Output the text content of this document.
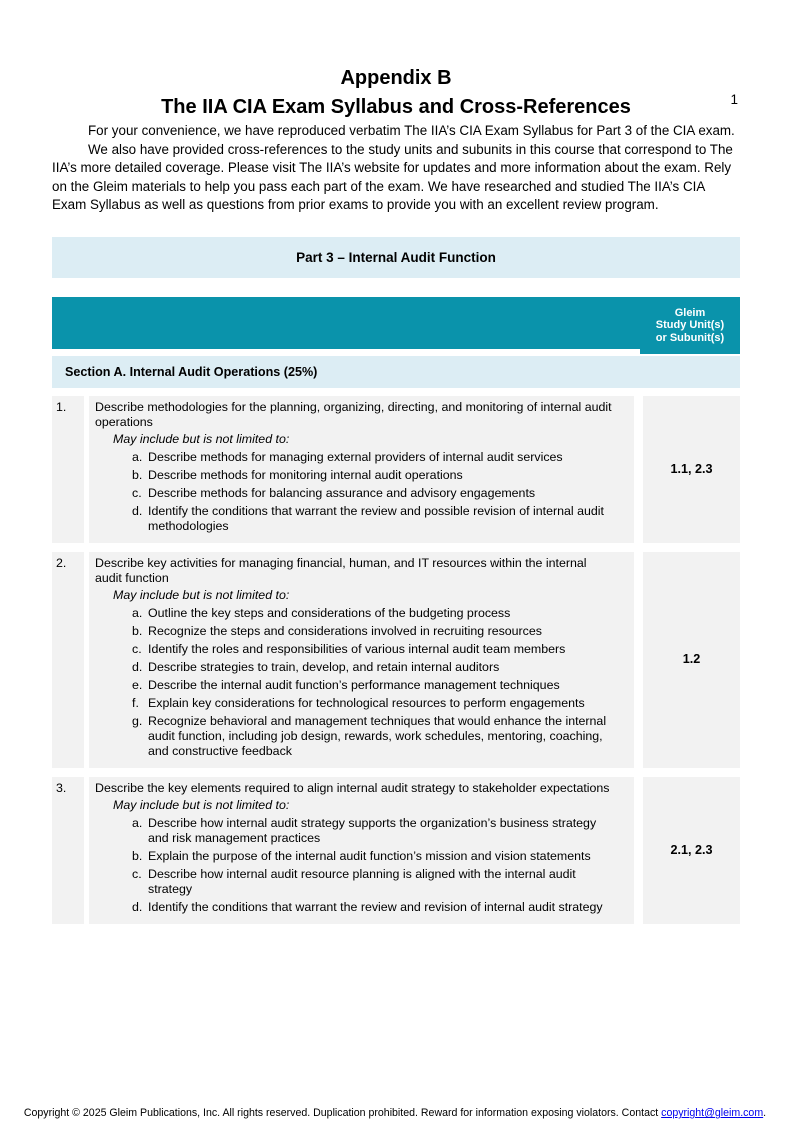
1
Appendix B
The IIA CIA Exam Syllabus and Cross-References

For your convenience, we have reproduced verbatim The IIA’s CIA Exam Syllabus for Part 3 of the CIA exam.

We also have provided cross-references to the study units and subunits in this course that correspond to The IIA’s more detailed coverage. Please visit The IIA’s website for updates and more information about the exam. Rely on the Gleim materials to help you pass each part of the exam. We have researched and studied The IIA’s CIA Exam Syllabus as well as questions from prior exams to provide you with an excellent review program.

Part 3 – Internal Audit Function
Gleim
Study Unit(s)
or Subunit(s)
Section A. Internal Audit Operations (25%)
1.	Describe methodologies for the planning, organizing, directing, and monitoring of internal audit operations
May include but is not limited to:
a. Describe methods for managing external providers of internal audit services
b. Describe methods for monitoring internal audit operations
c. Describe methods for balancing assurance and advisory engagements
d. Identify the conditions that warrant the review and possible revision of internal audit methodologies
1.1, 2.3
2.	Describe key activities for managing financial, human, and IT resources within the internal audit function
May include but is not limited to:
a. Outline the key steps and considerations of the budgeting process
b. Recognize the steps and considerations involved in recruiting resources
c. Identify the roles and responsibilities of various internal audit team members
d. Describe strategies to train, develop, and retain internal auditors
e. Describe the internal audit function’s performance management techniques
f. Explain key considerations for technological resources to perform engagements
g. Recognize behavioral and management techniques that would enhance the internal audit function, including job design, rewards, work schedules, mentoring, coaching, and constructive feedback
1.2
3.	Describe the key elements required to align internal audit strategy to stakeholder expectations
May include but is not limited to:
a. Describe how internal audit strategy supports the organization’s business strategy and risk management practices
b. Explain the purpose of the internal audit function’s mission and vision statements
c. Describe how internal audit resource planning is aligned with the internal audit strategy
d. Identify the conditions that warrant the review and revision of internal audit strategy
2.1, 2.3
Copyright © 2025 Gleim Publications, Inc. All rights reserved. Duplication prohibited. Reward for information exposing violators. Contact copyright@gleim.com.
